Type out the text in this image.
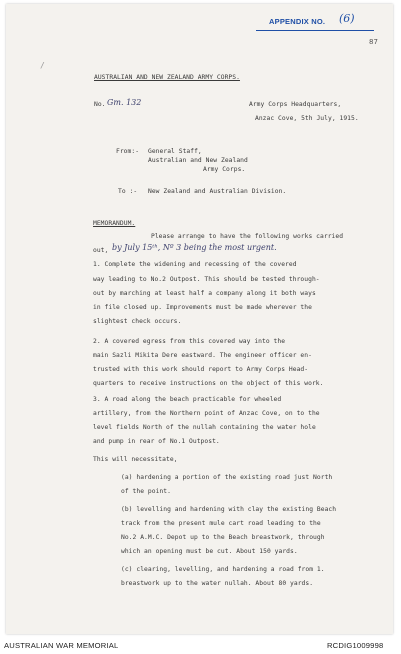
APPENDIX NO. (6)
87
/
AUSTRALIAN AND NEW ZEALAND ARMY CORPS.
No. Gm. 132	Army Corps Headquarters,
Anzac Cove, 5th July, 1915.
From:- General Staff,
Australian and New Zealand
Army Corps.
To :- New Zealand and Australian Division.
MEMORANDUM.
Please arrange to have the following works carried
out, by July 15ᵗʰ, Nº 3 being the most urgent.
1. Complete the widening and recessing of the covered
way leading to No.2 Outpost. This should be tested through-
out by marching at least half a company along it both ways
in file closed up. Improvements must be made wherever the
slightest check occurs.
2. A covered egress from this covered way into the
main Sazli Mikita Dere eastward. The engineer officer en-
trusted with this work should report to Army Corps Head-
quarters to receive instructions on the object of this work.
3. A road along the beach practicable for wheeled
artillery, from the Northern point of Anzac Cove, on to the
level fields North of the nullah containing the water hole
and pump in rear of No.1 Outpost.
This will necessitate,
(a) hardening a portion of the existing road just North
of the point.
(b) levelling and hardening with clay the existing Beach
track from the present mule cart road leading to the
No.2 A.M.C. Depot up to the Beach breastwork, through
which an opening must be cut. About 150 yards.
(c) clearing, levelling, and hardening a road from 1.
breastwork up to the water nullah. About 80 yards.
AUSTRALIAN WAR MEMORIAL	RCDIG1009998
